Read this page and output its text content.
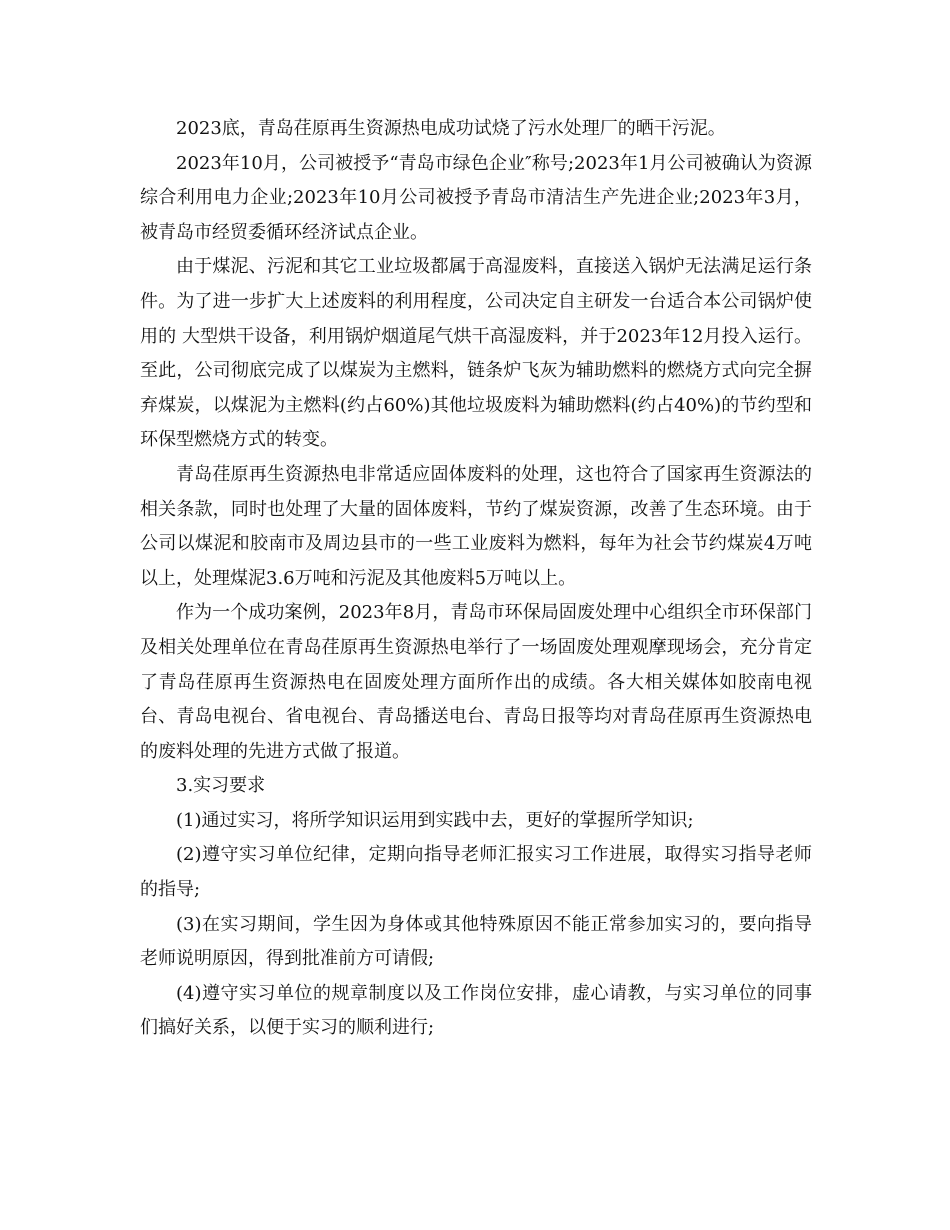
2023底，青岛荏原再生资源热电成功试烧了污水处理厂的晒干污泥。

2023年10月，公司被授予“青岛市绿色企业″称号;2023年1月公司被确认为资源综合利用电力企业;2023年10月公司被授予青岛市清洁生产先进企业;2023年3月，被青岛市经贸委循环经济试点企业。

由于煤泥、污泥和其它工业垃圾都属于高湿废料，直接送入锅炉无法满足运行条件。为了进一步扩大上述废料的利用程度，公司决定自主研发一台适合本公司锅炉使用的 大型烘干设备，利用锅炉烟道尾气烘干高湿废料，并于2023年12月投入运行。至此，公司彻底完成了以煤炭为主燃料，链条炉飞灰为辅助燃料的燃烧方式向完全摒弃煤炭，以煤泥为主燃料(约占60%)其他垃圾废料为辅助燃料(约占40%)的节约型和环保型燃烧方式的转变。

青岛荏原再生资源热电非常适应固体废料的处理，这也符合了国家再生资源法的相关条款，同时也处理了大量的固体废料，节约了煤炭资源，改善了生态环境。由于公司以煤泥和胶南市及周边县市的一些工业废料为燃料，每年为社会节约煤炭4万吨以上，处理煤泥3.6万吨和污泥及其他废料5万吨以上。

作为一个成功案例，2023年8月，青岛市环保局固废处理中心组织全市环保部门及相关处理单位在青岛荏原再生资源热电举行了一场固废处理观摩现场会，充分肯定了青岛荏原再生资源热电在固废处理方面所作出的成绩。各大相关媒体如胶南电视台、青岛电视台、省电视台、青岛播送电台、青岛日报等均对青岛荏原再生资源热电的废料处理的先进方式做了报道。

3.实习要求

(1)通过实习，将所学知识运用到实践中去，更好的掌握所学知识;

(2)遵守实习单位纪律，定期向指导老师汇报实习工作进展，取得实习指导老师的指导;

(3)在实习期间，学生因为身体或其他特殊原因不能正常参加实习的，要向指导老师说明原因，得到批准前方可请假;

(4)遵守实习单位的规章制度以及工作岗位安排，虚心请教，与实习单位的同事们搞好关系，以便于实习的顺利进行;
